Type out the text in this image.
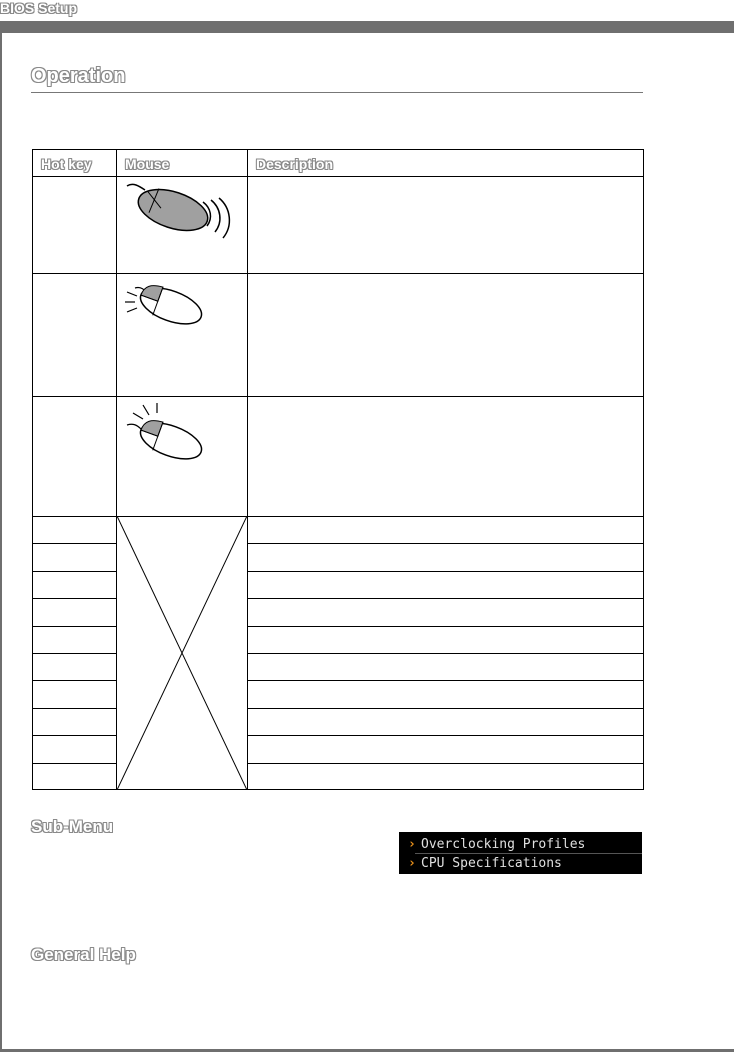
BIOS Setup
Operation
Hot key Mouse	Description
Sub-Menu
› Overclocking Profiles
› CPU Specifications
General Help
